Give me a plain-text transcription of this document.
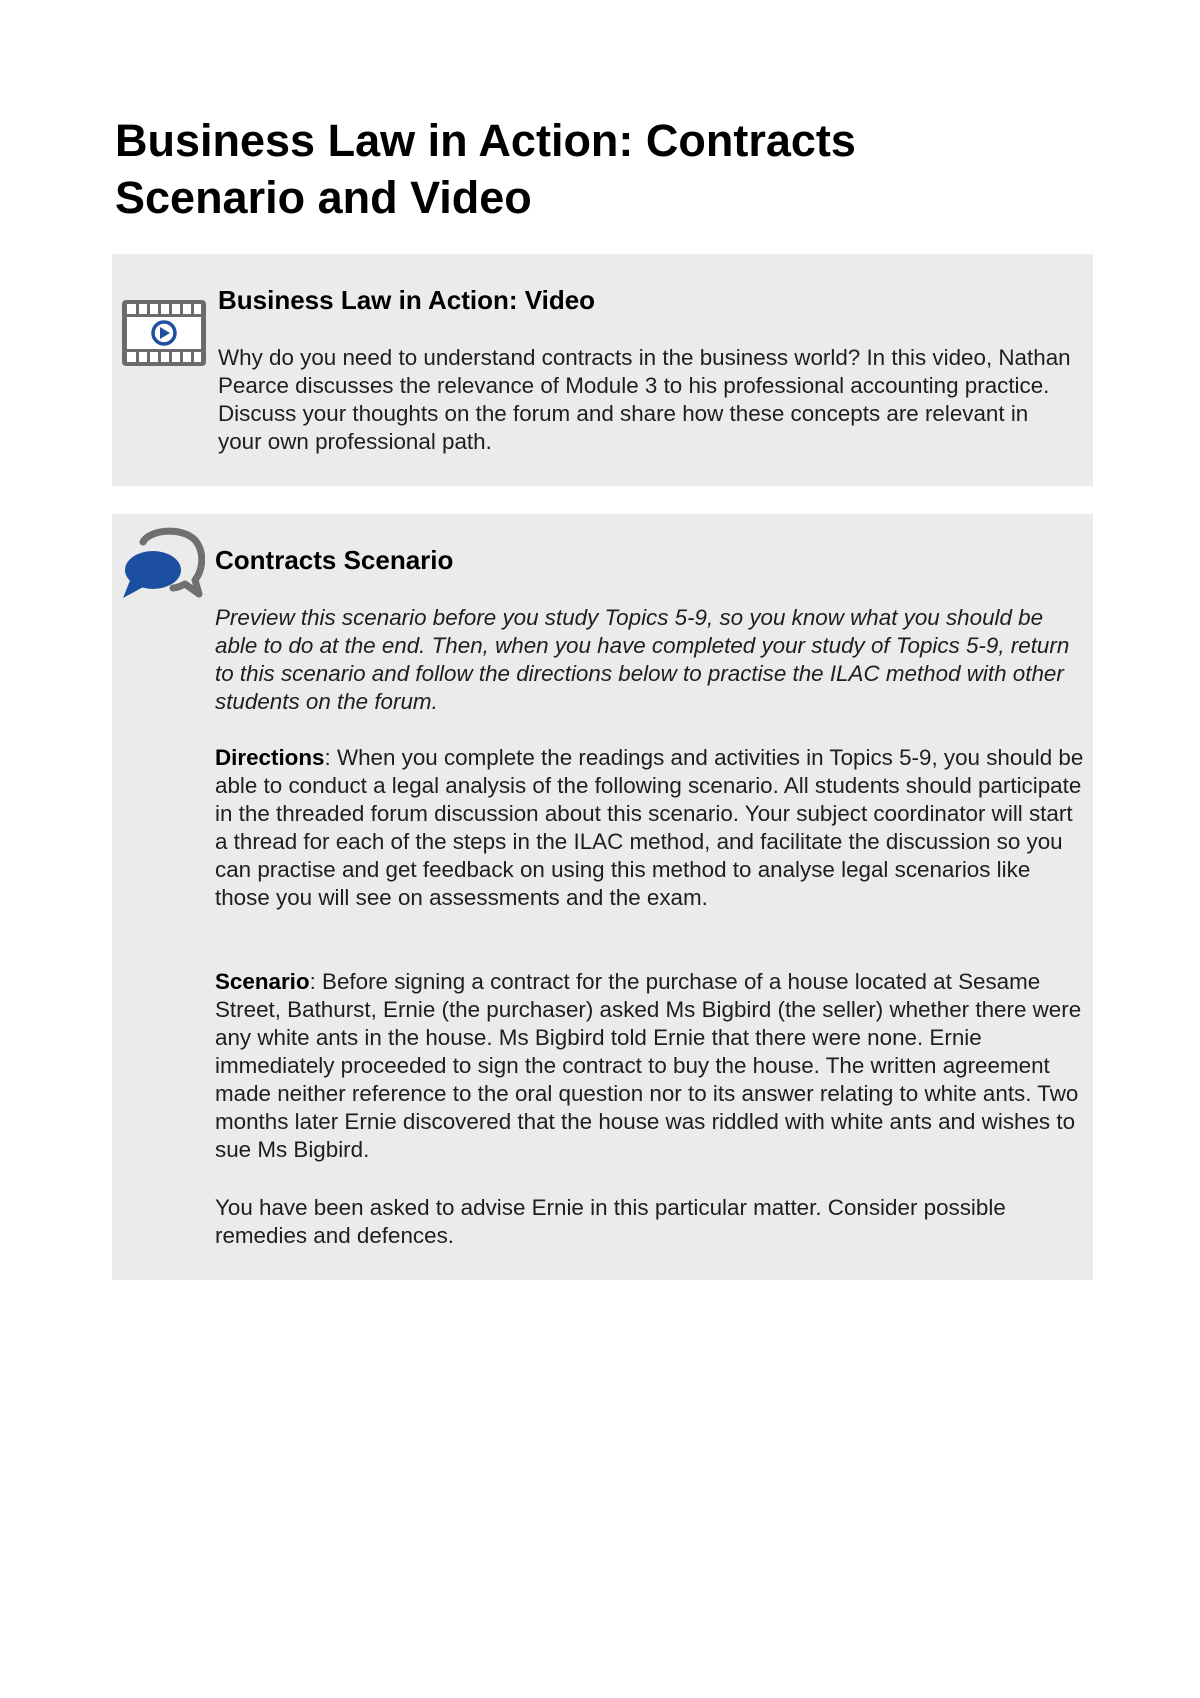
Business Law in Action: Contracts Scenario and Video
Business Law in Action: Video

Why do you need to understand contracts in the business world? In this video, Nathan Pearce discusses the relevance of Module 3 to his professional accounting practice. Discuss your thoughts on the forum and share how these concepts are relevant in your own professional path.

Contracts Scenario

Preview this scenario before you study Topics 5-9, so you know what you should be able to do at the end. Then, when you have completed your study of Topics 5-9, return to this scenario and follow the directions below to practise the ILAC method with other students on the forum.

Directions: When you complete the readings and activities in Topics 5-9, you should be able to conduct a legal analysis of the following scenario. All students should participate in the threaded forum discussion about this scenario. Your subject coordinator will start a thread for each of the steps in the ILAC method, and facilitate the discussion so you can practise and get feedback on using this method to analyse legal scenarios like those you will see on assessments and the exam.

Scenario: Before signing a contract for the purchase of a house located at Sesame Street, Bathurst, Ernie (the purchaser) asked Ms Bigbird (the seller) whether there were any white ants in the house. Ms Bigbird told Ernie that there were none. Ernie immediately proceeded to sign the contract to buy the house. The written agreement made neither reference to the oral question nor to its answer relating to white ants. Two months later Ernie discovered that the house was riddled with white ants and wishes to sue Ms Bigbird.

You have been asked to advise Ernie in this particular matter. Consider possible remedies and defences.
